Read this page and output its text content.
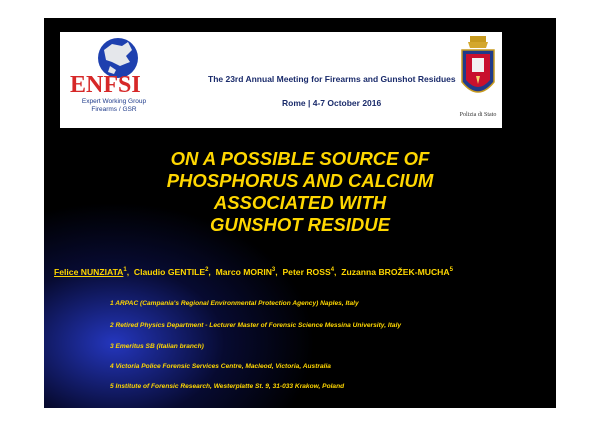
ENFSI
Expert Working Group
Firearms / GSR
The 23rd Annual Meeting for Firearms and Gunshot Residues
Rome | 4-7 October 2016
Polizia di Stato
ON A POSSIBLE SOURCE OF
PHOSPHORUS AND CALCIUM
ASSOCIATED WITH
GUNSHOT RESIDUE
Felice NUNZIATA$^1$,  Claudio GENTILE$^2$,  Marco MORIN$^3$,  Peter ROSS$^4$,  Zuzanna BROŽEK-MUCHA$^5$
1 ARPAC (Campania's Regional Environmental Protection Agency) Naples, Italy
2 Retired Physics Department - Lecturer Master of Forensic Science Messina University, Italy
3 Emeritus SB (Italian branch)
4 Victoria Police Forensic Services Centre, Macleod, Victoria, Australia
5 Institute of Forensic Research, Westerplatte St. 9, 31-033 Krakow, Poland
